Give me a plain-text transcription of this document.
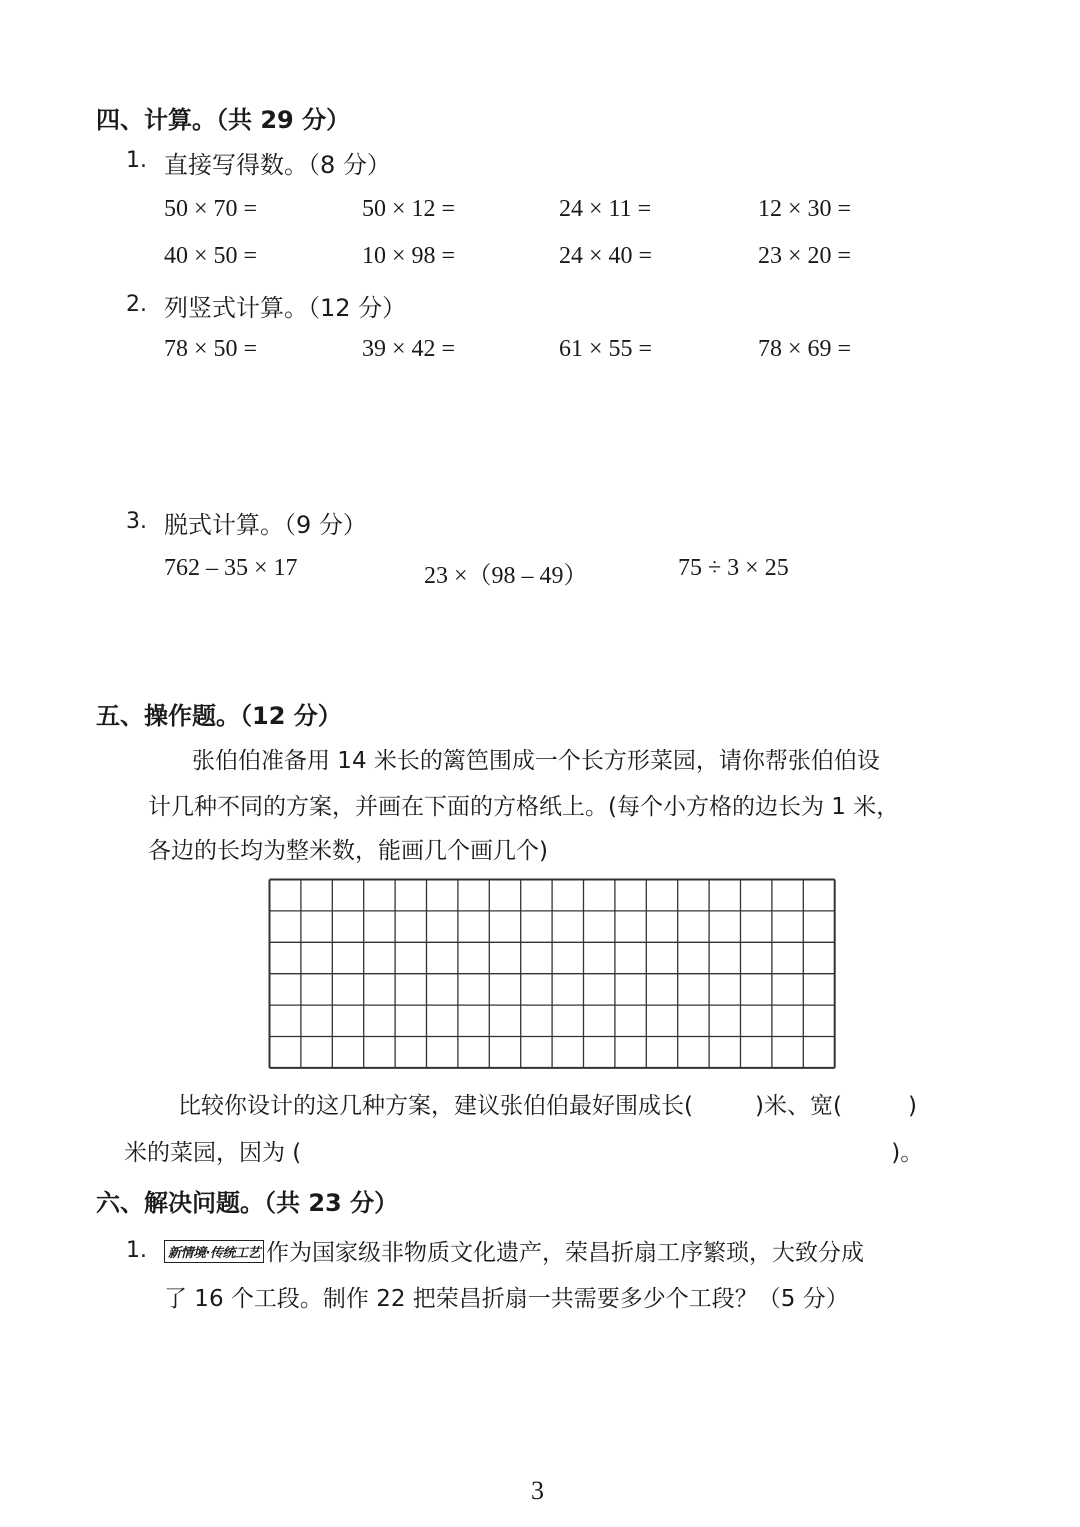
四、计算。（共 29 分）
1. 直接写得数。（8 分）
50 × 70 =	50 × 12 =	24 × 11 =	12 × 30 =
40 × 50 =	10 × 98 =	24 × 40 =	23 × 20 =
2. 列竖式计算。（12 分）
78 × 50 =	39 × 42 =	61 × 55 =	78 × 69 =
3. 脱式计算。（9 分）
762 – 35 × 17	23 ×（98 – 49）	75 ÷ 3 × 25
五、操作题。（12 分）
张伯伯准备用 14 米长的篱笆围成一个长方形菜园，请你帮张伯伯设
计几种不同的方案，并画在下面的方格纸上。(每个小方格的边长为 1 米，
各边的长均为整米数，能画几个画几个)
比较你设计的这几种方案，建议张伯伯最好围成长(	)米、宽(	)
米的菜园，因为 (	)。
六、解决问题。（共 23 分）
1.	新情境·传统工艺 作为国家级非物质文化遗产，荣昌折扇工序繁琐，大致分成
了 16 个工段。制作 22 把荣昌折扇一共需要多少个工段？（5 分）
3
